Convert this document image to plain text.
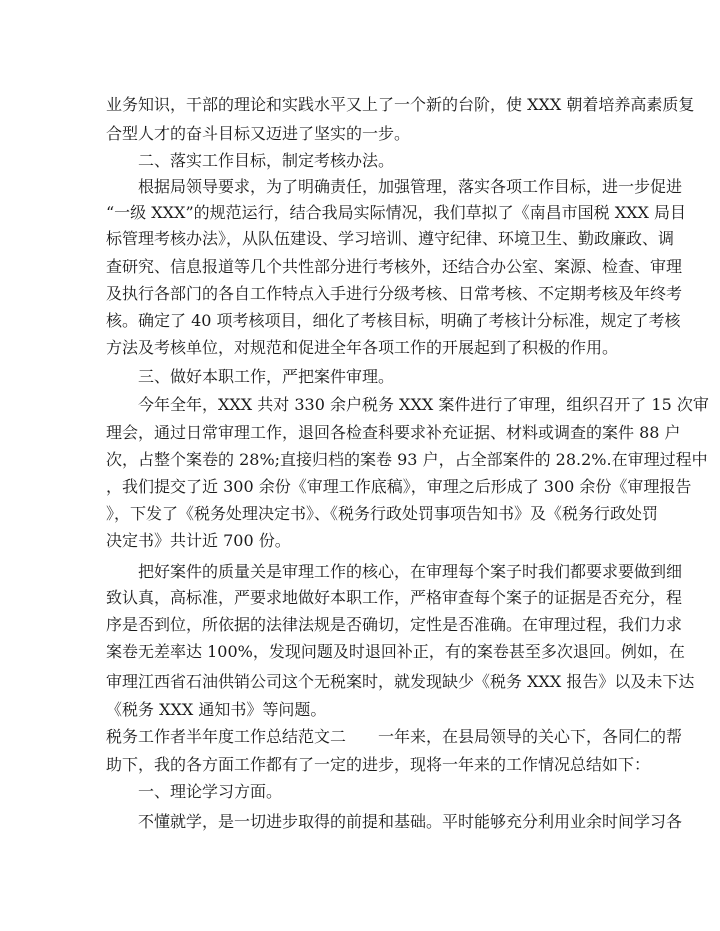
业务知识，干部的理论和实践水平又上了一个新的台阶，使 XXX 朝着培养高素质复
合型人才的奋斗目标又迈进了坚实的一步。
二、落实工作目标，制定考核办法。
根据局领导要求，为了明确责任，加强管理，落实各项工作目标，进一步促进
“一级 XXX”的规范运行，结合我局实际情况，我们草拟了《南昌市国税 XXX 局目
标管理考核办法》，从队伍建设、学习培训、遵守纪律、环境卫生、勤政廉政、调
查研究、信息报道等几个共性部分进行考核外，还结合办公室、案源、检查、审理
及执行各部门的各自工作特点入手进行分级考核、日常考核、不定期考核及年终考
核。确定了 40 项考核项目，细化了考核目标，明确了考核计分标准，规定了考核
方法及考核单位，对规范和促进全年各项工作的开展起到了积极的作用。
三、做好本职工作，严把案件审理。
今年全年，XXX 共对 330 余户税务 XXX 案件进行了审理，组织召开了 15 次审
理会，通过日常审理工作，退回各检查科要求补充证据、材料或调查的案件 88 户
次，占整个案卷的 28%;直接归档的案卷 93 户，占全部案件的 28.2%.在审理过程中
，我们提交了近 300 余份《审理工作底稿》，审理之后形成了 300 余份《审理报告
》，下发了《税务处理决定书》、《税务行政处罚事项告知书》及《税务行政处罚
决定书》共计近 700 份。
把好案件的质量关是审理工作的核心，在审理每个案子时我们都要求要做到细
致认真，高标准，严要求地做好本职工作，严格审查每个案子的证据是否充分，程
序是否到位，所依据的法律法规是否确切，定性是否准确。在审理过程，我们力求
案卷无差率达 100%，发现问题及时退回补正，有的案卷甚至多次退回。例如，在
审理江西省石油供销公司这个无税案时，就发现缺少《税务 XXX 报告》以及未下达
《税务 XXX 通知书》等问题。
税务工作者半年度工作总结范文二　　一年来，在县局领导的关心下，各同仁的帮
助下，我的各方面工作都有了一定的进步，现将一年来的工作情况总结如下：
一、理论学习方面。
不懂就学，是一切进步取得的前提和基础。平时能够充分利用业余时间学习各
